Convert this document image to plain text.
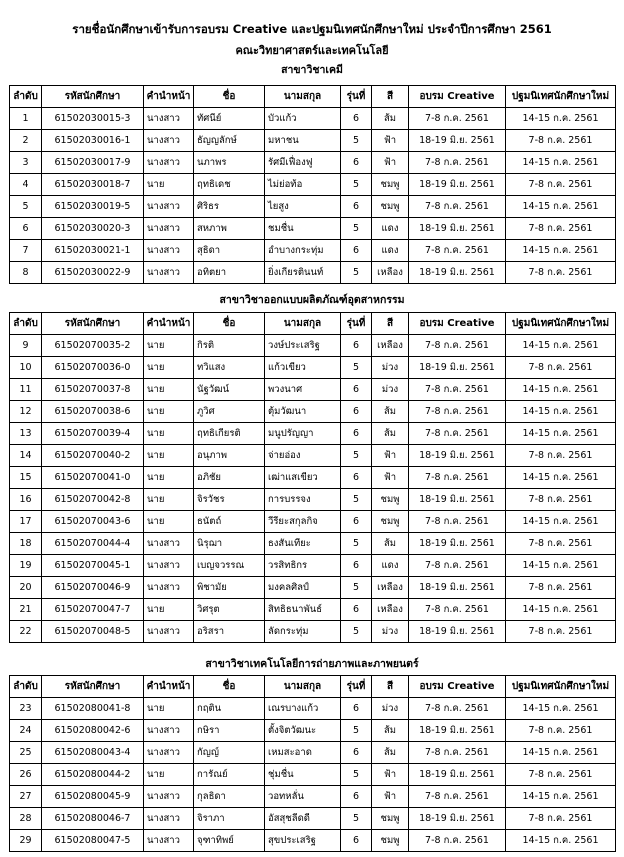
รายชื่อนักศึกษาเข้ารับการอบรม Creative และปฐมนิเทศนักศึกษาใหม่ ประจำปีการศึกษา 2561
คณะวิทยาศาสตร์และเทคโนโลยี
สาขาวิชาเคมี
ลำดับ	รหัสนักศึกษา	คำนำหน้า	ชื่อ	นามสกุล	รุ่นที่	สี	อบรม Creative	ปฐมนิเทศนักศึกษาใหม่
1	61502030015-3	นางสาว	ทัศนีย์	บัวแก้ว	6	ส้ม	7-8 ก.ค. 2561	14-15 ก.ค. 2561
2	61502030016-1	นางสาว	ธัญญลักษ์	มหาชน	5	ฟ้า	18-19 มิ.ย. 2561	7-8 ก.ค. 2561
3	61502030017-9	นางสาว	นภาพร	รัศมีเฟื่องฟู	6	ฟ้า	7-8 ก.ค. 2561	14-15 ก.ค. 2561
4	61502030018-7	นาย	ฤทธิเดช	ไม่ย่อท้อ	5	ชมพู	18-19 มิ.ย. 2561	7-8 ก.ค. 2561
5	61502030019-5	นางสาว	ศิริธร	ไยสูง	6	ชมพู	7-8 ก.ค. 2561	14-15 ก.ค. 2561
6	61502030020-3	นางสาว	สหภาพ	ชมชื่น	5	แดง	18-19 มิ.ย. 2561	7-8 ก.ค. 2561
7	61502030021-1	นางสาว	สุธิดา	อำบางกระทุ่ม	6	แดง	7-8 ก.ค. 2561	14-15 ก.ค. 2561
8	61502030022-9	นางสาว	อทิตยา	ยิ่งเกียรตินนท์	5	เหลือง	18-19 มิ.ย. 2561	7-8 ก.ค. 2561
สาขาวิชาออกแบบผลิตภัณฑ์อุตสาหกรรม
ลำดับ	รหัสนักศึกษา	คำนำหน้า	ชื่อ	นามสกุล	รุ่นที่	สี	อบรม Creative	ปฐมนิเทศนักศึกษาใหม่
9	61502070035-2	นาย	กิรติ	วงษ์ประเสริฐ	6	เหลือง	7-8 ก.ค. 2561	14-15 ก.ค. 2561
10	61502070036-0	นาย	ทวิแสง	แก้วเขียว	5	ม่วง	18-19 มิ.ย. 2561	7-8 ก.ค. 2561
11	61502070037-8	นาย	นัฐวัฒน์	พวงนาศ	6	ม่วง	7-8 ก.ค. 2561	14-15 ก.ค. 2561
12	61502070038-6	นาย	ภูวิศ	ตุ้มวัฒนา	6	ส้ม	7-8 ก.ค. 2561	14-15 ก.ค. 2561
13	61502070039-4	นาย	ฤทธิเกียรติ	มนูปรัญญา	6	ส้ม	7-8 ก.ค. 2561	14-15 ก.ค. 2561
14	61502070040-2	นาย	อนุภาพ	จ่ายอ่อง	5	ฟ้า	18-19 มิ.ย. 2561	7-8 ก.ค. 2561
15	61502070041-0	นาย	อภิชัย	เฒ่าแสเขียว	6	ฟ้า	7-8 ก.ค. 2561	14-15 ก.ค. 2561
16	61502070042-8	นาย	จิรวัชร	การบรรจง	5	ชมพู	18-19 มิ.ย. 2561	7-8 ก.ค. 2561
17	61502070043-6	นาย	ธนัตถ์	วีรียะสกุลกิจ	6	ชมพู	7-8 ก.ค. 2561	14-15 ก.ค. 2561
18	61502070044-4	นางสาว	นิรุฌา	ธงสันเทียะ	5	ส้ม	18-19 มิ.ย. 2561	7-8 ก.ค. 2561
19	61502070045-1	นางสาว	เบญจวรรณ	วรสิทธิกร	6	แดง	7-8 ก.ค. 2561	14-15 ก.ค. 2561
20	61502070046-9	นางสาว	พิชามัย	มงคลศิลป์	5	เหลือง	18-19 มิ.ย. 2561	7-8 ก.ค. 2561
21	61502070047-7	นาย	วิศรุต	สิทธิธนาพันธ์	6	เหลือง	7-8 ก.ค. 2561	14-15 ก.ค. 2561
22	61502070048-5	นางสาว	อริสรา	ลัดกระทุ่ม	5	ม่วง	18-19 มิ.ย. 2561	7-8 ก.ค. 2561
สาขาวิชาเทคโนโลยีการถ่ายภาพและภาพยนตร์
ลำดับ	รหัสนักศึกษา	คำนำหน้า	ชื่อ	นามสกุล	รุ่นที่	สี	อบรม Creative	ปฐมนิเทศนักศึกษาใหม่
23	61502080041-8	นาย	กฤติน	เณรบางแก้ว	6	ม่วง	7-8 ก.ค. 2561	14-15 ก.ค. 2561
24	61502080042-6	นางสาว	กษิรา	ตั้งจิตวัฒนะ	5	ส้ม	18-19 มิ.ย. 2561	7-8 ก.ค. 2561
25	61502080043-4	นางสาว	กัญญ์	เหมสะอาด	6	ส้ม	7-8 ก.ค. 2561	14-15 ก.ค. 2561
26	61502080044-2	นาย	การัณย์	ชุ่มชื่น	5	ฟ้า	18-19 มิ.ย. 2561	7-8 ก.ค. 2561
27	61502080045-9	นางสาว	กุลธิดา	วอทหลั่น	6	ฟ้า	7-8 ก.ค. 2561	14-15 ก.ค. 2561
28	61502080046-7	นางสาว	จิราภา	อัสสุชลีดดี	5	ชมพู	18-19 มิ.ย. 2561	7-8 ก.ค. 2561
29	61502080047-5	นางสาว	จุฑาทิพย์	สุขประเสริฐ	6	ชมพู	7-8 ก.ค. 2561	14-15 ก.ค. 2561
